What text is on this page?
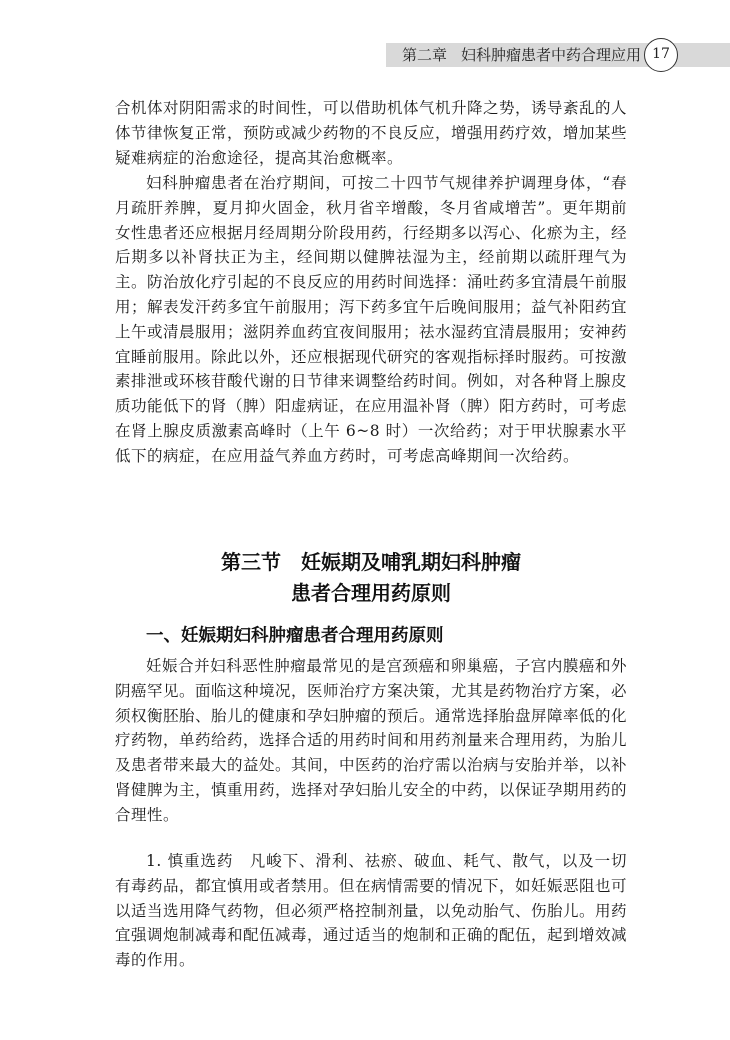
第二章 妇科肿瘤患者中药合理应用 17

合机体对阴阳需求的时间性，可以借助机体气机升降之势，诱导紊乱的人体节律恢复正常，预防或减少药物的不良反应，增强用药疗效，增加某些疑难病症的治愈途径，提高其治愈概率。

妇科肿瘤患者在治疗期间，可按二十四节气规律养护调理身体，“春月疏肝养脾，夏月抑火固金，秋月省辛增酸，冬月省咸增苦”。更年期前女性患者还应根据月经周期分阶段用药，行经期多以泻心、化瘀为主，经后期多以补肾扶正为主，经间期以健脾祛湿为主，经前期以疏肝理气为主。防治放化疗引起的不良反应的用药时间选择：涌吐药多宜清晨午前服用；解表发汗药多宜午前服用；泻下药多宜午后晚间服用；益气补阳药宜上午或清晨服用；滋阴养血药宜夜间服用；祛水湿药宜清晨服用；安神药宜睡前服用。除此以外，还应根据现代研究的客观指标择时服药。可按激素排泄或环核苷酸代谢的日节律来调整给药时间。例如，对各种肾上腺皮质功能低下的肾（脾）阳虚病证，在应用温补肾（脾）阳方药时，可考虑在肾上腺皮质激素高峰时（上午 6~8 时）一次给药；对于甲状腺素水平低下的病症，在应用益气养血方药时，可考虑高峰期间一次给药。

第三节　妊娠期及哺乳期妇科肿瘤
患者合理用药原则
一、妊娠期妇科肿瘤患者合理用药原则

妊娠合并妇科恶性肿瘤最常见的是宫颈癌和卵巢癌，子宫内膜癌和外阴癌罕见。面临这种境况，医师治疗方案决策，尤其是药物治疗方案，必须权衡胚胎、胎儿的健康和孕妇肿瘤的预后。通常选择胎盘屏障率低的化疗药物，单药给药，选择合适的用药时间和用药剂量来合理用药，为胎儿及患者带来最大的益处。其间，中医药的治疗需以治病与安胎并举，以补肾健脾为主，慎重用药，选择对孕妇胎儿安全的中药，以保证孕期用药的合理性。

1. 慎重选药　凡峻下、滑利、祛瘀、破血、耗气、散气，以及一切有毒药品，都宜慎用或者禁用。但在病情需要的情况下，如妊娠恶阻也可以适当选用降气药物，但必须严格控制剂量，以免动胎气、伤胎儿。用药宜强调炮制减毒和配伍减毒，通过适当的炮制和正确的配伍，起到增效减毒的作用。
